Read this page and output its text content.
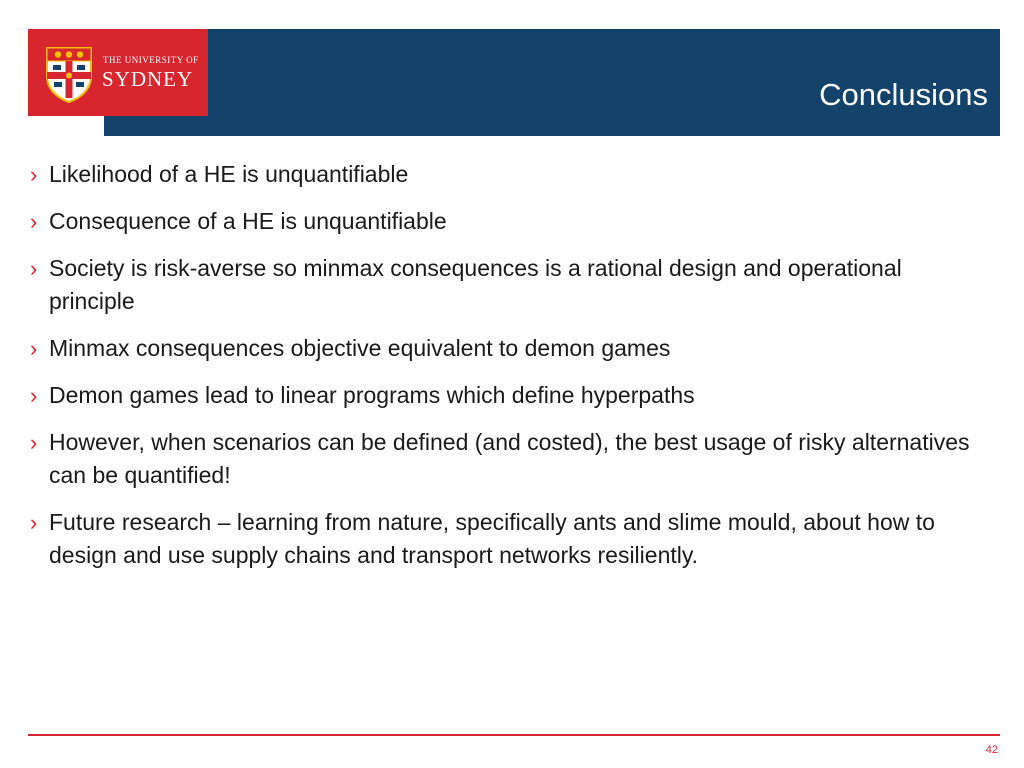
Conclusions
THE UNIVERSITY OF
SYDNEY
› Likelihood of a HE is unquantifiable
› Consequence of a HE is unquantifiable
› Society is risk-averse so minmax consequences is a rational design and operational principle
› Minmax consequences objective equivalent to demon games
› Demon games lead to linear programs which define hyperpaths
› However, when scenarios can be defined (and costed), the best usage of risky alternatives can be quantified!
› Future research – learning from nature, specifically ants and slime mould, about how to design and use supply chains and transport networks resiliently.
42
